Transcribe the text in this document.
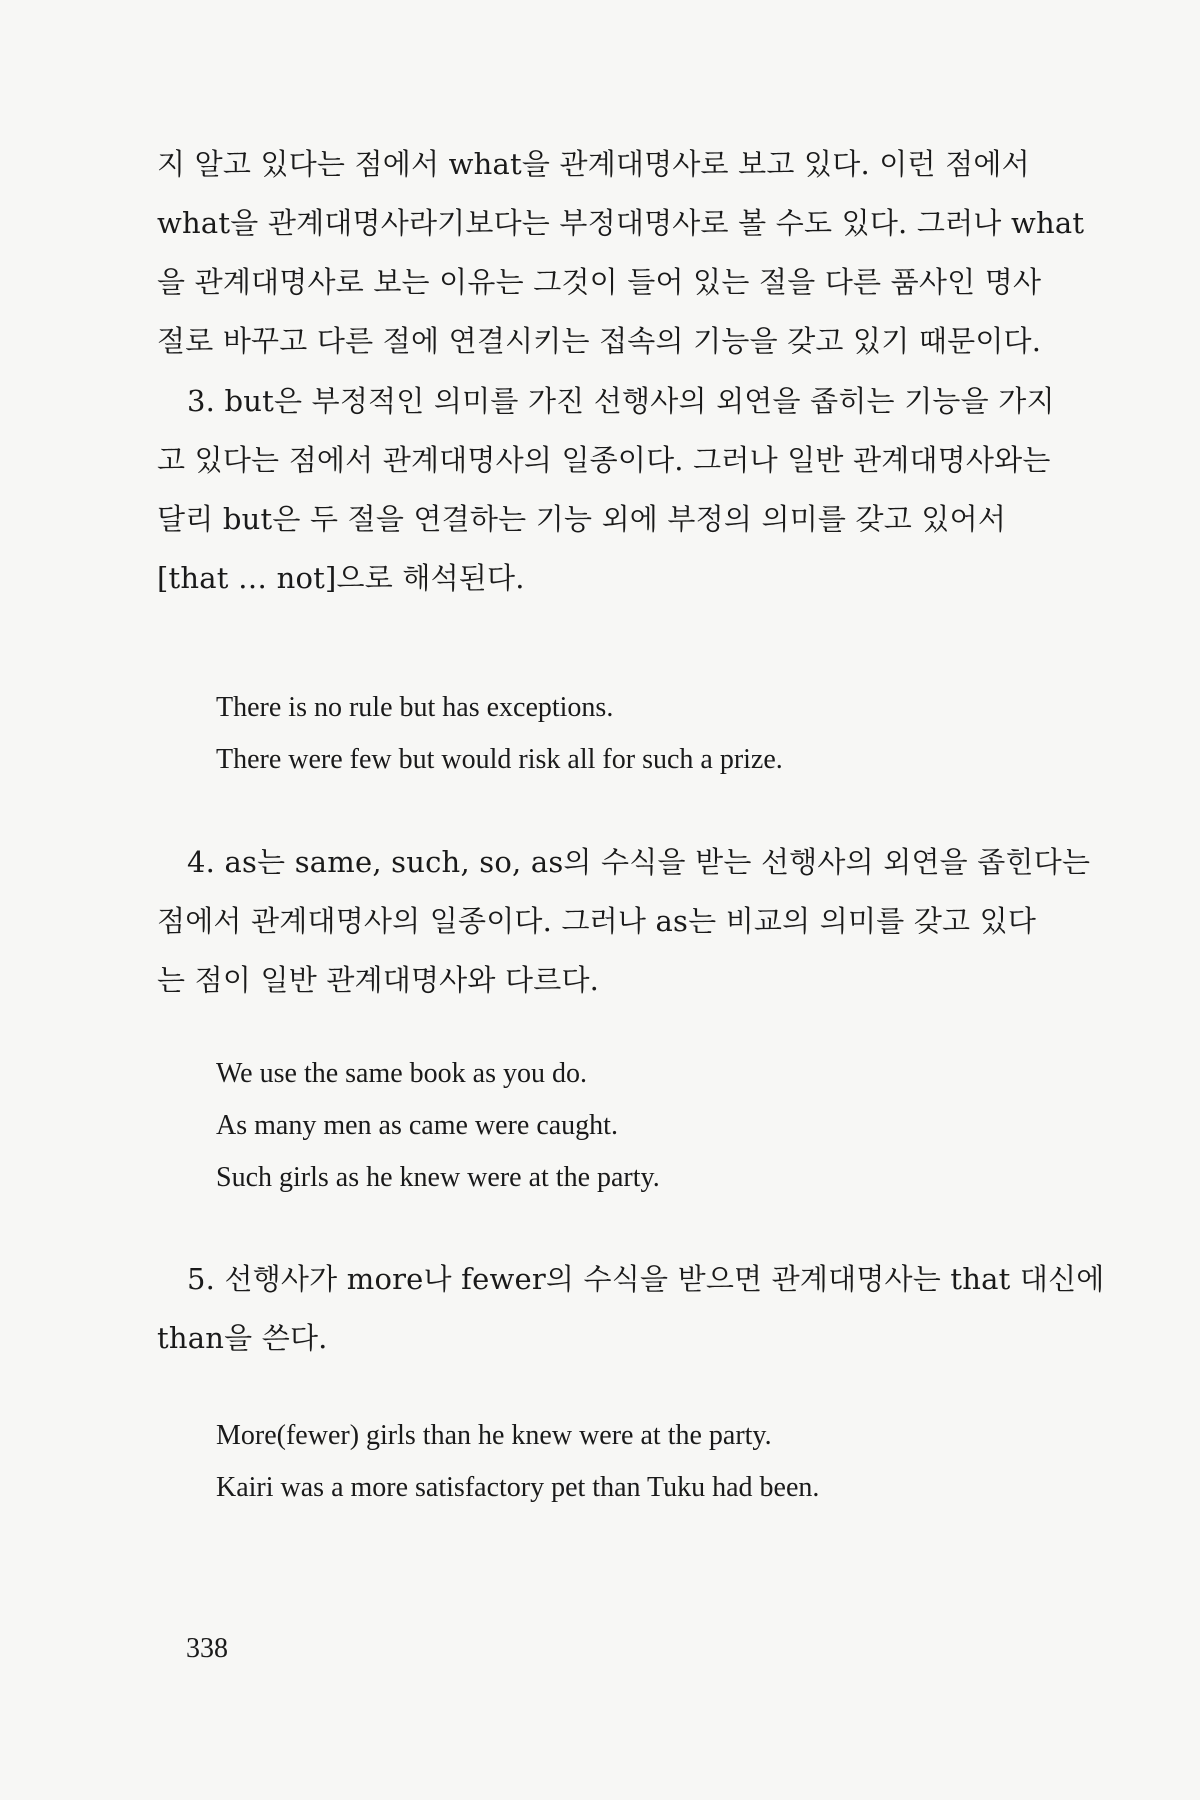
지 알고 있다는 점에서 what을 관계대명사로 보고 있다. 이런 점에서
what을 관계대명사라기보다는 부정대명사로 볼 수도 있다. 그러나 what
을 관계대명사로 보는 이유는 그것이 들어 있는 절을 다른 품사인 명사
절로 바꾸고 다른 절에 연결시키는 접속의 기능을 갖고 있기 때문이다.
3. but은 부정적인 의미를 가진 선행사의 외연을 좁히는 기능을 가지
고 있다는 점에서 관계대명사의 일종이다. 그러나 일반 관계대명사와는
달리 but은 두 절을 연결하는 기능 외에 부정의 의미를 갖고 있어서
[that … not]으로 해석된다.
There is no rule but has exceptions.
There were few but would risk all for such a prize.
4. as는 same, such, so, as의 수식을 받는 선행사의 외연을 좁힌다는
점에서 관계대명사의 일종이다. 그러나 as는 비교의 의미를 갖고 있다
는 점이 일반 관계대명사와 다르다.
We use the same book as you do.
As many men as came were caught.
Such girls as he knew were at the party.
5. 선행사가 more나 fewer의 수식을 받으면 관계대명사는 that 대신에
than을 쓴다.
More(fewer) girls than he knew were at the party.
Kairi was a more satisfactory pet than Tuku had been.
338
